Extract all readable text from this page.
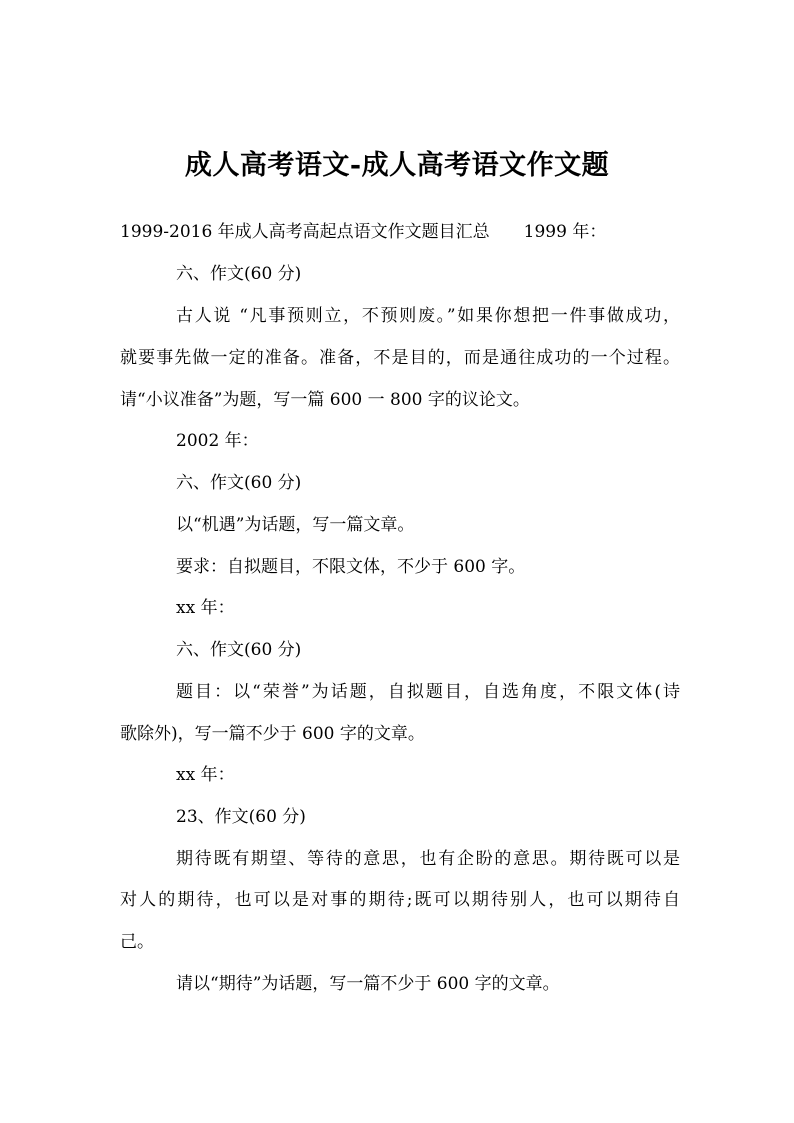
成人高考语文-成人高考语文作文题
1999-2016 年成人高考高起点语文作文题目汇总　　1999 年：
六、作文(60 分)
古人说 “凡事预则立，不预则废。”如果你想把一件事做成功，
就要事先做一定的准备。准备，不是目的，而是通往成功的一个过程。
请“小议准备”为题，写一篇 600 一 800 字的议论文。
2002 年：
六、作文(60 分)
以“机遇”为话题，写一篇文章。
要求：自拟题目，不限文体，不少于 600 字。
xx 年：
六、作文(60 分)
题目：以“荣誉”为话题，自拟题目，自选角度，不限文体(诗
歌除外)，写一篇不少于 600 字的文章。
xx 年：
23、作文(60 分)
期待既有期望、等待的意思，也有企盼的意思。期待既可以是
对人的期待，也可以是对事的期待;既可以期待别人，也可以期待自
己。
请以“期待”为话题，写一篇不少于 600 字的文章。
